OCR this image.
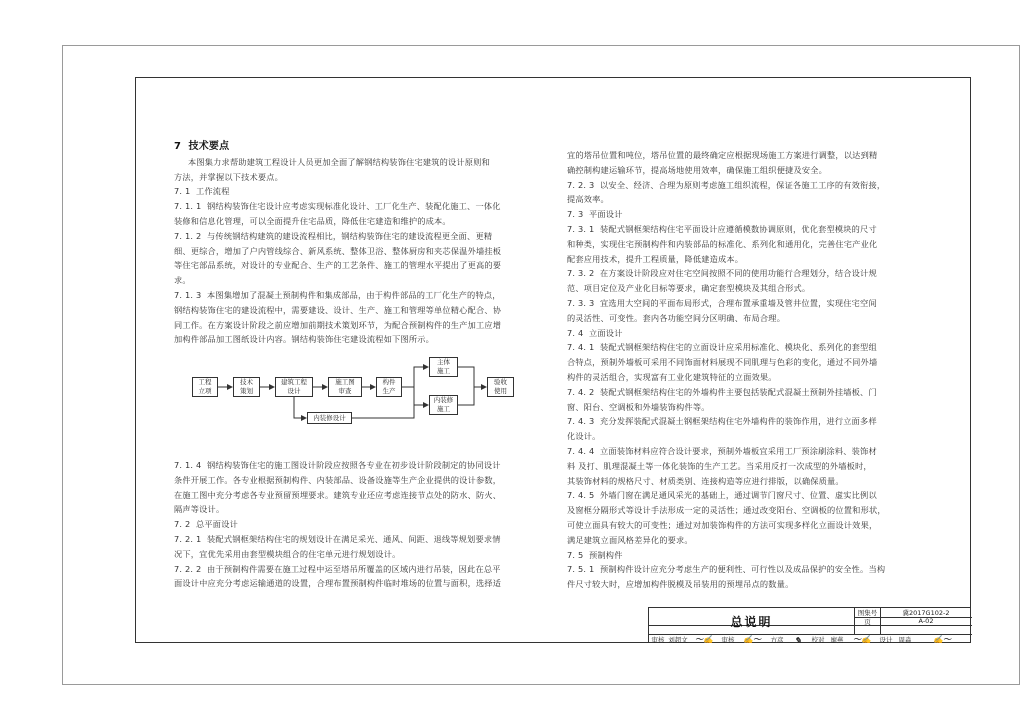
7  技术要点

本图集力求帮助建筑工程设计人员更加全面了解钢结构装饰住宅建筑的设计原则和

方法，并掌握以下技术要点。

7. 1  工作流程

7. 1. 1  钢结构装饰住宅设计应考虑实现标准化设计、工厂化生产、装配化施工、一体化

装修和信息化管理，可以全面提升住宅品质，降低住宅建造和维护的成本。

7. 1. 2  与传统钢结构建筑的建设流程相比，钢结构装饰住宅的建设流程更全面、更精

细、更综合，增加了户内管线综合、新风系统、整体卫浴、整体厨房和夹芯保温外墙挂板

等住宅部品系统，对设计的专业配合、生产的工艺条件、施工的管理水平提出了更高的要

求。

7. 1. 3  本图集增加了混凝土预制构件和集成部品，由于构件部品的工厂化生产的特点，

钢结构装饰住宅的建设流程中，需要建设、设计、生产、施工和管理等单位精心配合、协

同工作。在方案设计阶段之前应增加前期技术策划环节，为配合预制构件的生产加工应增

加构件部品加工图纸设计内容。钢结构装饰住宅建设流程如下图所示。

工程
立项
技术
策划
建筑工程
设计
施工图
审查
构件
生产
主体
施工
内装修
施工
验收
使用
内装修设计

7. 1. 4  钢结构装饰住宅的施工图设计阶段应按照各专业在初步设计阶段制定的协同设计

条件开展工作。各专业根据预制构件、内装部品、设备设施等生产企业提供的设计参数，

在施工图中充分考虑各专业预留预埋要求。建筑专业还应考虑连接节点处的防水、防火、

隔声等设计。

7. 2  总平面设计

7. 2. 1  装配式钢框架结构住宅的规划设计在满足采光、通风、间距、退线等规划要求情

况下，宜优先采用由套型模块组合的住宅单元进行规划设计。

7. 2. 2  由于预制构件需要在施工过程中运至塔吊所覆盖的区域内进行吊装，因此在总平

面设计中应充分考虑运输通道的设置，合理布置预制构件临时堆场的位置与面积，选择适

宜的塔吊位置和吨位，塔吊位置的最终确定应根据现场施工方案进行调整，以达到精

确控制构建运输环节，提高场地使用效率，确保施工组织便捷及安全。

7. 2. 3  以安全、经济、合理为原则考虑施工组织流程，保证各施工工序的有效衔接，

提高效率。

7. 3  平面设计

7. 3. 1  装配式钢框架结构住宅平面设计应遵循模数协调原则，优化套型模块的尺寸

和种类，实现住宅预制构件和内装部品的标准化、系列化和通用化，完善住宅产业化

配套应用技术，提升工程质量，降低建造成本。

7. 3. 2  在方案设计阶段应对住宅空间按照不同的使用功能行合理划分，结合设计规

范、项目定位及产业化目标等要求，确定套型模块及其组合形式。

7. 3. 3  宜选用大空间的平面布局形式，合理布置承重墙及管井位置，实现住宅空间

的灵活性、可变性。套内各功能空间分区明确、布局合理。

7. 4  立面设计

7. 4. 1  装配式钢框架结构住宅的立面设计应采用标准化、模块化、系列化的套型组

合特点，预制外墙板可采用不同饰面材料展现不同肌理与色彩的变化，通过不同外墙

构件的灵活组合，实现富有工业化建筑特征的立面效果。

7. 4. 2  装配式钢框架结构住宅的外墙构件主要包括装配式混凝土预制外挂墙板、门

窗、阳台、空调板和外墙装饰构件等。

7. 4. 3  充分发挥装配式混凝土钢框架结构住宅外墙构件的装饰作用，进行立面多样

化设计。

7. 4. 4  立面装饰材料应符合设计要求，预制外墙板宜采用工厂预涂刷涂料、装饰材

料 及打、肌理混凝土等一体化装饰的生产工艺。当采用反打一次成型的外墙板时，

其装饰材料的规格尺寸、材质类别、连接构造等应进行排版，以确保质量。

7. 4. 5  外墙门窗在满足通风采光的基础上，通过调节门窗尺寸、位置、虚实比例以

及窗框分隔形式等设计手法形成一定的灵活性；通过改变阳台、空调板的位置和形状，

可使立面具有较大的可变性；通过对加装饰构件的方法可实现多样化立面设计效果，

满足建筑立面风格差异化的要求。

7. 5  预制构件

7. 5. 1  预制构件设计应充分考虑生产的便利性、可行性以及成品保护的安全性。当构

件尺寸较大时，应增加构件脱模及吊装用的预埋吊点的数量。

总说明
图集号	冀2017G102-2
页	A-02
审核 刘超文 〜✍	审核	✍〜	方彦	✎	校对 廖燕	〜✍	设计 周淼	✍〜
